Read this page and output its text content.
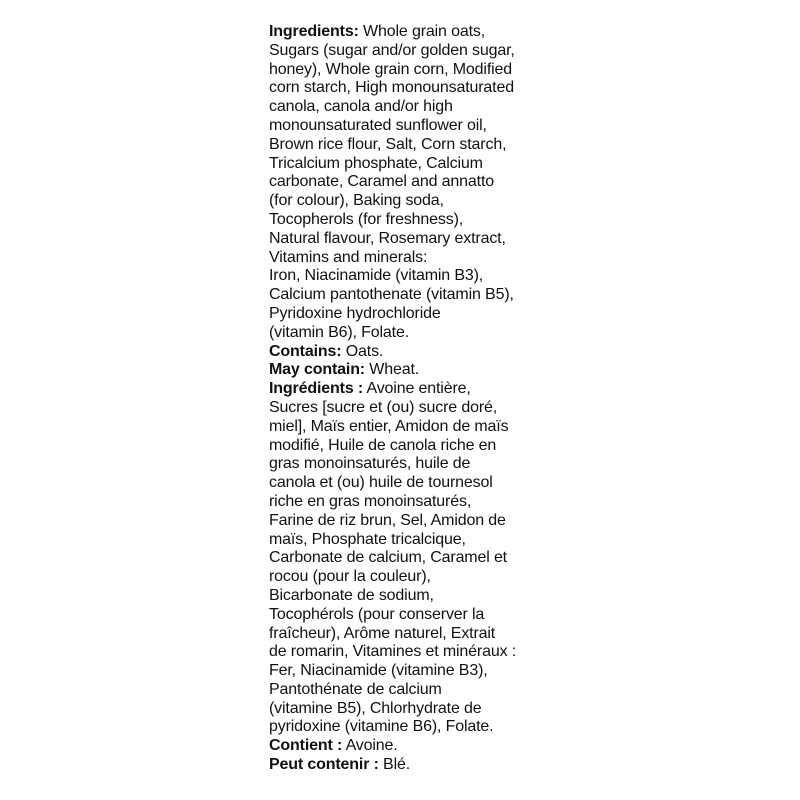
Ingredients: Whole grain oats,
Sugars (sugar and/or golden sugar,
honey), Whole grain corn, Modified
corn starch, High monounsaturated
canola, canola and/or high
monounsaturated sunflower oil,
Brown rice flour, Salt, Corn starch,
Tricalcium phosphate, Calcium
carbonate, Caramel and annatto
(for colour), Baking soda,
Tocopherols (for freshness),
Natural flavour, Rosemary extract,
Vitamins and minerals:
Iron, Niacinamide (vitamin B3),
Calcium pantothenate (vitamin B5),
Pyridoxine hydrochloride
(vitamin B6), Folate.
Contains: Oats.
May contain: Wheat.
Ingrédients : Avoine entière,
Sucres [sucre et (ou) sucre doré,
miel], Maïs entier, Amidon de maïs
modifié, Huile de canola riche en
gras monoinsaturés, huile de
canola et (ou) huile de tournesol
riche en gras monoinsaturés,
Farine de riz brun, Sel, Amidon de
maïs, Phosphate tricalcique,
Carbonate de calcium, Caramel et
rocou (pour la couleur),
Bicarbonate de sodium,
Tocophérols (pour conserver la
fraîcheur), Arôme naturel, Extrait
de romarin, Vitamines et minéraux :
Fer, Niacinamide (vitamine B3),
Pantothénate de calcium
(vitamine B5), Chlorhydrate de
pyridoxine (vitamine B6), Folate.
Contient : Avoine.
Peut contenir : Blé.
